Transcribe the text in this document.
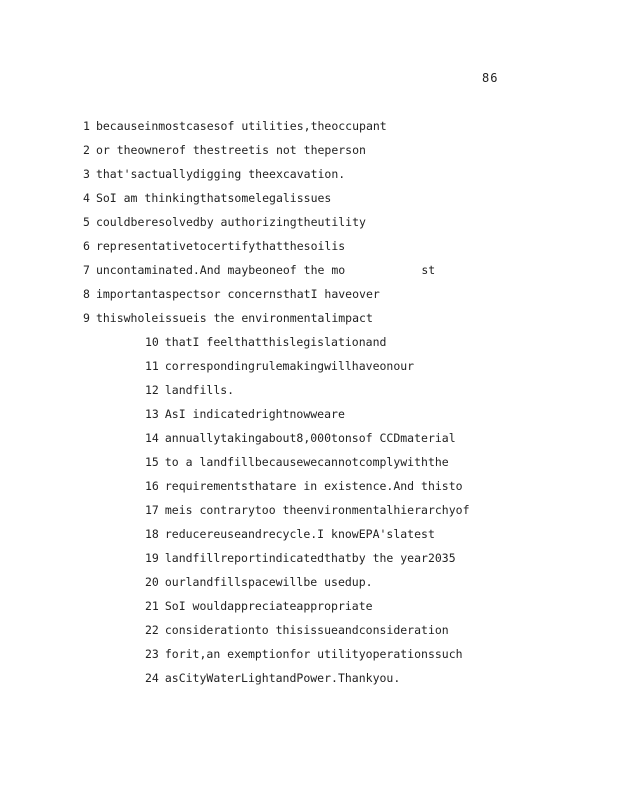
86
1 becauseinmostcasesof utilities,theoccupant
2 or theownerof thestreetis not theperson
3 that'sactuallydigging theexcavation.
4 SoI am thinkingthatsomelegalissues
5 couldberesolvedby authorizingtheutility
6 representativetocertifythatthesoilis
7 uncontaminated.And maybeoneof the mo           st
8 importantaspectsor concernsthatI haveover
9 thiswholeissueis the environmentalimpact
10 thatI feelthatthislegislationand
11 correspondingrulemakingwillhaveonour
12 landfills.
13 AsI indicatedrightnowweare
14 annuallytakingabout8,000tonsof CCDmaterial
15 to a landfillbecausewecannotcomplywiththe
16 requirementsthatare in existence.And thisto
17 meis contrarytoo theenvironmentalhierarchyof
18 reducereuseandrecycle.I knowEPA'slatest
19 landfillreportindicatedthatby the year2035
20 ourlandfillspacewillbe usedup.
21 SoI wouldappreciateappropriate
22 considerationto thisissueandconsideration
23 forit,an exemptionfor utilityoperationssuch
24 asCityWaterLightandPower.Thankyou.
